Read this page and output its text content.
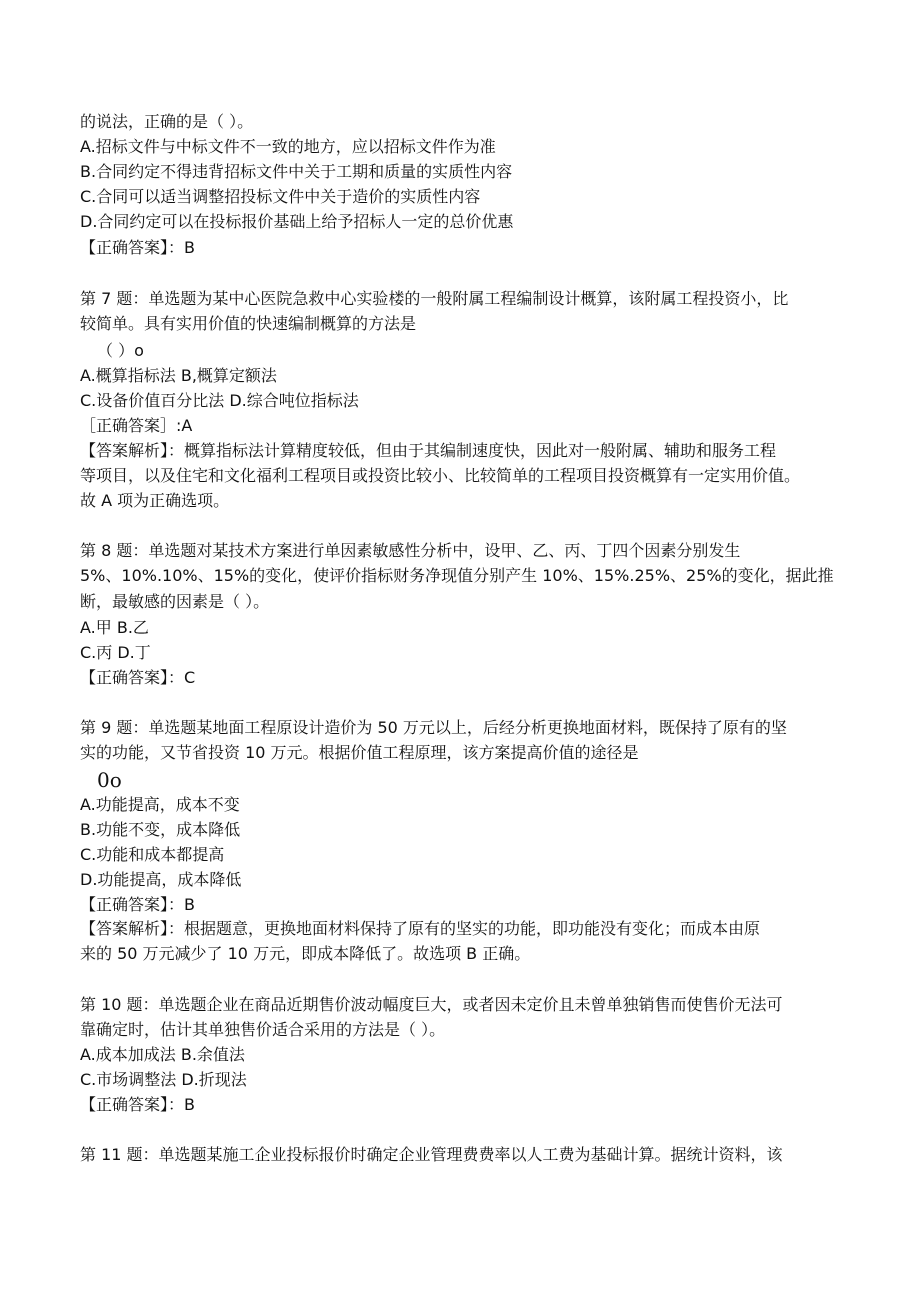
的说法，正确的是（ ）。
A.招标文件与中标文件不一致的地方，应以招标文件作为准
B.合同约定不得违背招标文件中关于工期和质量的实质性内容
C.合同可以适当调整招投标文件中关于造价的实质性内容
D.合同约定可以在投标报价基础上给予招标人一定的总价优惠
【正确答案】：B
第 7 题：单选题为某中心医院急救中心实验楼的一般附属工程编制设计概算，该附属工程投资小，比
较简单。具有实用价值的快速编制概算的方法是
（ ）o
A.概算指标法 B,概算定额法
C.设备价值百分比法 D.综合吨位指标法
［正确答案］:A
【答案解析】：概算指标法计算精度较低，但由于其编制速度快，因此对一般附属、辅助和服务工程
等项目，以及住宅和文化福利工程项目或投资比较小、比较简单的工程项目投资概算有一定实用价值。
故 A 项为正确选项。
第 8 题：单选题对某技术方案进行单因素敏感性分析中，设甲、乙、丙、丁四个因素分别发生
5%、10%.10%、15%的变化，使评价指标财务净现值分别产生 10%、15%.25%、25%的变化，据此推
断，最敏感的因素是（ ）。
A.甲 B.乙
C.丙 D.丁
【正确答案】：C
第 9 题：单选题某地面工程原设计造价为 50 万元以上，后经分析更换地面材料，既保持了原有的坚
实的功能，又节省投资 10 万元。根据价值工程原理，该方案提高价值的途径是
0o
A.功能提高，成本不变
B.功能不变，成本降低
C.功能和成本都提高
D.功能提高，成本降低
【正确答案】：B
【答案解析】：根据题意，更换地面材料保持了原有的坚实的功能，即功能没有变化；而成本由原
来的 50 万元减少了 10 万元，即成本降低了。故选项 B 正确。
第 10 题：单选题企业在商品近期售价波动幅度巨大，或者因未定价且未曾单独销售而使售价无法可
靠确定时，估计其单独售价适合采用的方法是（ ）。
A.成本加成法 B.余值法
C.市场调整法 D.折现法
【正确答案】：B
第 11 题：单选题某施工企业投标报价时确定企业管理费费率以人工费为基础计算。据统计资料，该
